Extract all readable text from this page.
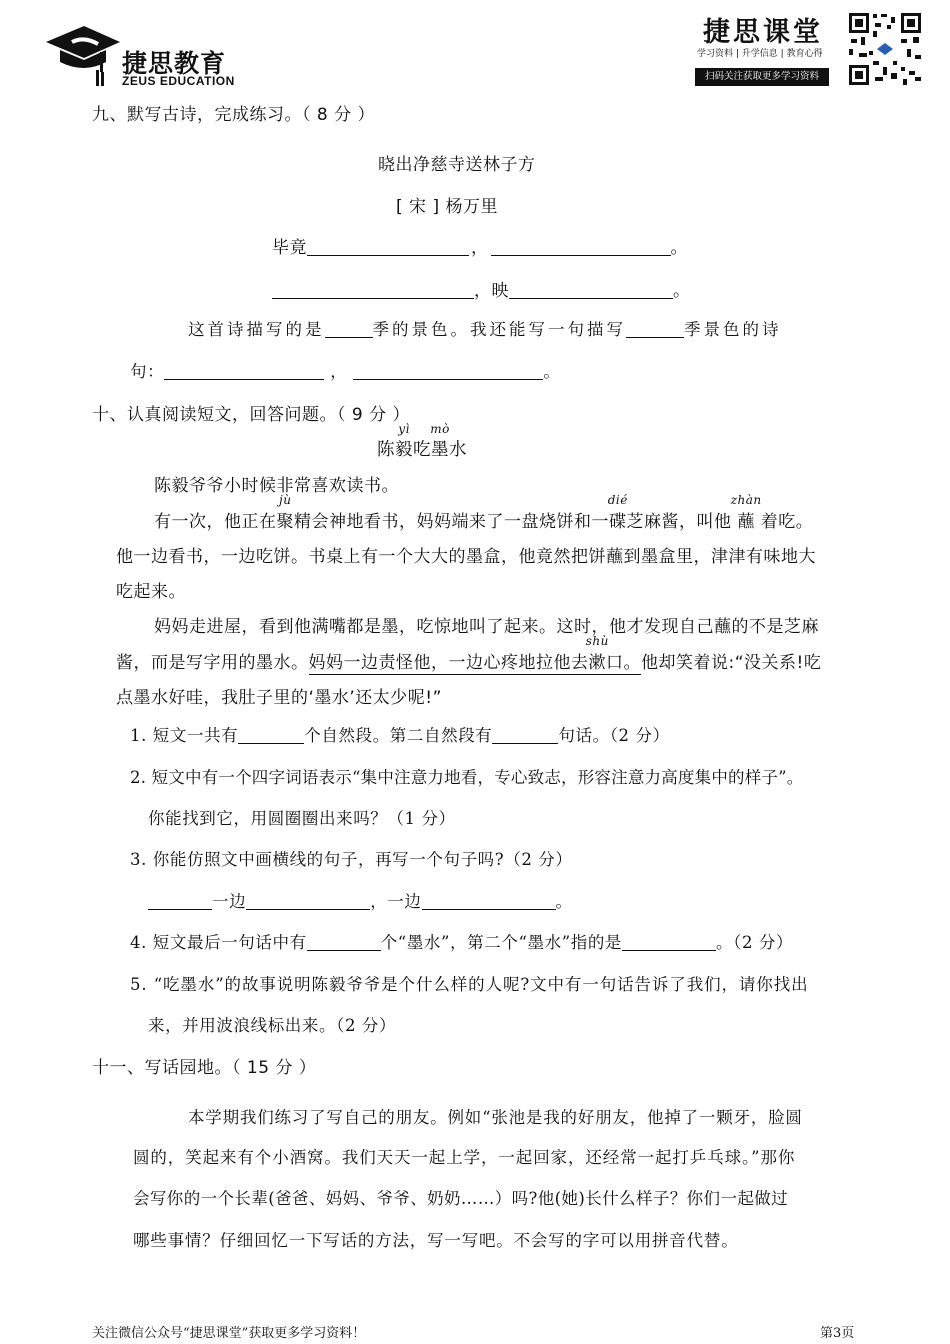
捷思教育
ZEUS EDUCATION
捷思课堂
学习资料 | 升学信息 | 教育心得
扫码关注获取更多学习资料
九、默写古诗，完成练习。（ 8 分 ）
晓出净慈寺送林子方
[ 宋 ] 杨万里
毕竟	，	。
，映	。
这首诗描写的是	季的景色。我还能写一句描写	季景色的诗
句：	，	。
十、认真阅读短文，回答问题。（ 9 分 ）
陈
yì
毅吃
mò
墨水
陈毅爷爷小时候非常喜欢读书。
有一次，他正在
jù
聚精会神地看书，妈妈端来了一盘烧饼和一
dié
碟芝麻酱，叫他
zhàn
蘸 着吃。
他一边看书，一边吃饼。书桌上有一个大大的墨盒，他竟然把饼蘸到墨盒里，津津有味地大
吃起来。
妈妈走进屋，看到他满嘴都是墨，吃惊地叫了起来。这时，他才发现自己蘸的不是芝麻
酱，而是写字用的墨水。妈妈一边责怪他，一边心疼地拉他去
shù
漱口。他却笑着说:“没关系!吃
点墨水好哇，我肚子里的‘墨水’还太少呢!”
1. 短文一共有	个自然段。第二自然段有	句话。（2 分）
2. 短文中有一个四字词语表示“集中注意力地看，专心致志，形容注意力高度集中的样子”。
你能找到它，用圆圈圈出来吗？（1 分）
3. 你能仿照文中画横线的句子，再写一个句子吗?（2 分）
一边	，一边	。
4. 短文最后一句话中有	个“墨水”，第二个“墨水”指的是	。（2 分）
5. “吃墨水”的故事说明陈毅爷爷是个什么样的人呢?文中有一句话告诉了我们，请你找出
来，并用波浪线标出来。（2 分）
十一、写话园地。（ 15 分 ）
本学期我们练习了写自己的朋友。例如“张池是我的好朋友，他掉了一颗牙，脸圆
圆的，笑起来有个小酒窝。我们天天一起上学，一起回家，还经常一起打乒乓球。”那你
会写你的一个长辈(爸爸、妈妈、爷爷、奶奶……）吗?他(她)长什么样子？你们一起做过
哪些事情？仔细回忆一下写话的方法，写一写吧。不会写的字可以用拼音代替。
关注微信公众号“捷思课堂”获取更多学习资料！	第3页
